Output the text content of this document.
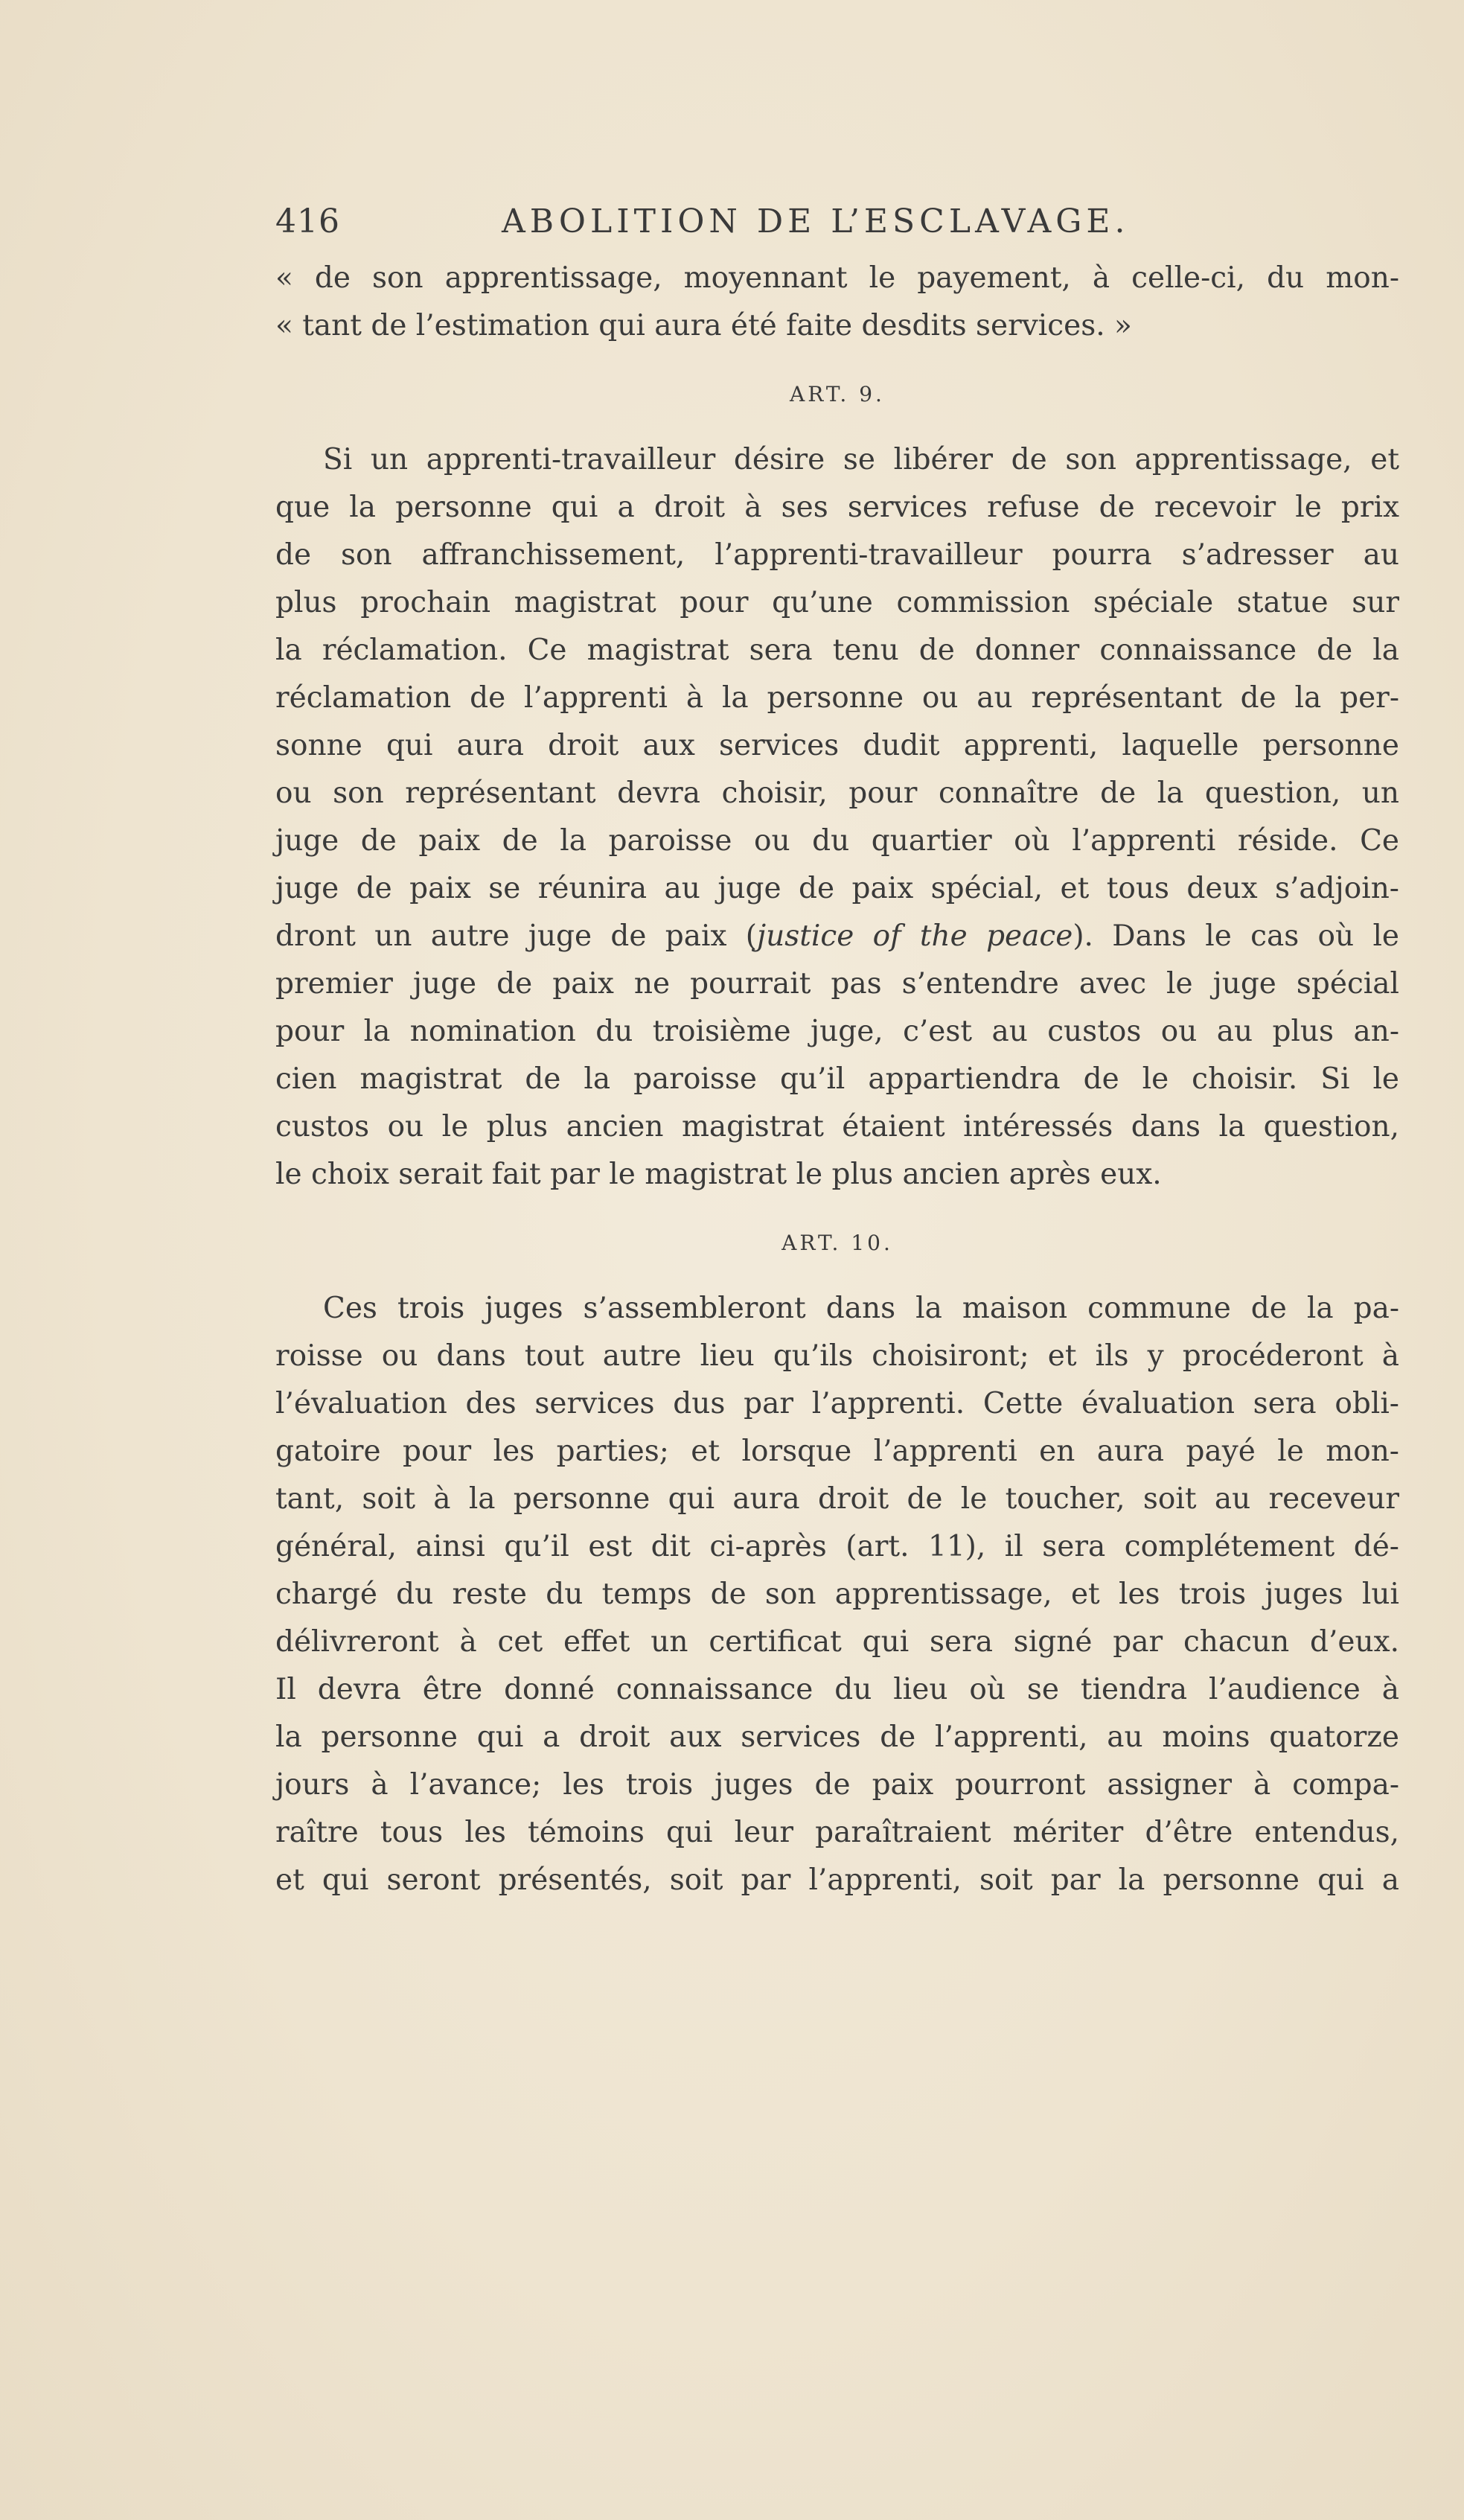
416	ABOLITION DE L’ESCLAVAGE.
« de son apprentissage, moyennant le payement, à celle-ci, du mon-
« tant de l’estimation qui aura été faite desdits services. »
ART. 9.
Si un apprenti-travailleur désire se libérer de son apprentissage, et
que la personne qui a droit à ses services refuse de recevoir le prix
de son affranchissement, l’apprenti-travailleur pourra s’adresser au
plus prochain magistrat pour qu’une commission spéciale statue sur
la réclamation. Ce magistrat sera tenu de donner connaissance de la
réclamation de l’apprenti à la personne ou au représentant de la per-
sonne qui aura droit aux services dudit apprenti, laquelle personne
ou son représentant devra choisir, pour connaître de la question, un
juge de paix de la paroisse ou du quartier où l’apprenti réside. Ce
juge de paix se réunira au juge de paix spécial, et tous deux s’adjoin-
dront un autre juge de paix (justice of the peace). Dans le cas où le
premier juge de paix ne pourrait pas s’entendre avec le juge spécial
pour la nomination du troisième juge, c’est au custos ou au plus an-
cien magistrat de la paroisse qu’il appartiendra de le choisir. Si le
custos ou le plus ancien magistrat étaient intéressés dans la question,
le choix serait fait par le magistrat le plus ancien après eux.
ART. 10.
Ces trois juges s’assembleront dans la maison commune de la pa-
roisse ou dans tout autre lieu qu’ils choisiront; et ils y procéderont à
l’évaluation des services dus par l’apprenti. Cette évaluation sera obli-
gatoire pour les parties; et lorsque l’apprenti en aura payé le mon-
tant, soit à la personne qui aura droit de le toucher, soit au receveur
général, ainsi qu’il est dit ci-après (art. 11), il sera complétement dé-
chargé du reste du temps de son apprentissage, et les trois juges lui
délivreront à cet effet un certificat qui sera signé par chacun d’eux.
Il devra être donné connaissance du lieu où se tiendra l’audience à
la personne qui a droit aux services de l’apprenti, au moins quatorze
jours à l’avance; les trois juges de paix pourront assigner à compa-
raître tous les témoins qui leur paraîtraient mériter d’être entendus,
et qui seront présentés, soit par l’apprenti, soit par la personne qui a
